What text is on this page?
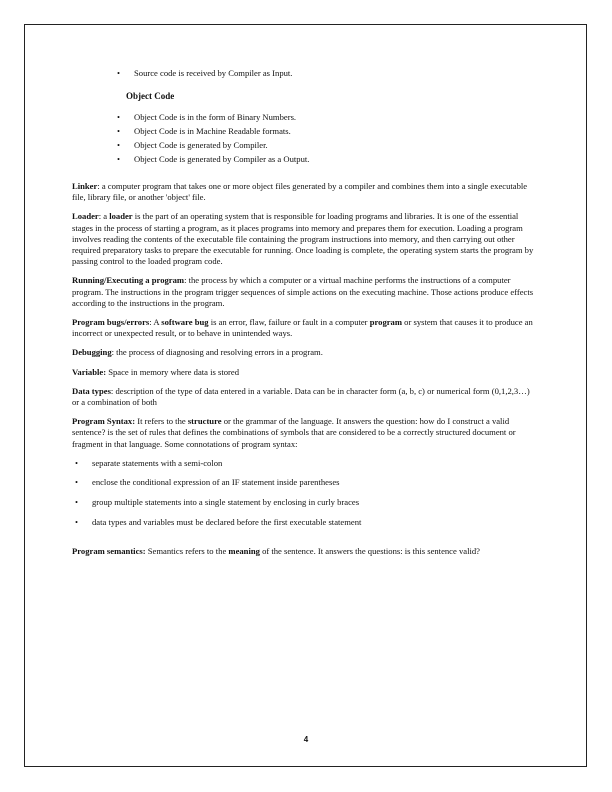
• Source code is received by Compiler as Input.
Object Code
• Object Code is in the form of Binary Numbers.
• Object Code is in Machine Readable formats.
• Object Code is generated by Compiler.
• Object Code is generated by Compiler as a Output.

Linker: a computer program that takes one or more object files generated by a compiler and combines them into a single executable file, library file, or another 'object' file.

Loader: a loader is the part of an operating system that is responsible for loading programs and libraries. It is one of the essential stages in the process of starting a program, as it places programs into memory and prepares them for execution. Loading a program involves reading the contents of the executable file containing the program instructions into memory, and then carrying out other required preparatory tasks to prepare the executable for running. Once loading is complete, the operating system starts the program by passing control to the loaded program code.

Running/Executing a program: the process by which a computer or a virtual machine performs the instructions of a computer program. The instructions in the program trigger sequences of simple actions on the executing machine. Those actions produce effects according to the instructions in the program.

Program bugs/errors: A software bug is an error, flaw, failure or fault in a computer program or system that causes it to produce an incorrect or unexpected result, or to behave in unintended ways.

Debugging: the process of diagnosing and resolving errors in a program.

Variable: Space in memory where data is stored

Data types: description of the type of data entered in a variable. Data can be in character form (a, b, c) or numerical form (0,1,2,3…) or a combination of both

Program Syntax: It refers to the structure or the grammar of the language. It answers the question: how do I construct a valid sentence? is the set of rules that defines the combinations of symbols that are considered to be a correctly structured document or fragment in that language. Some connotations of program syntax:

• separate statements with a semi-colon
• enclose the conditional expression of an IF statement inside parentheses
• group multiple statements into a single statement by enclosing in curly braces
• data types and variables must be declared before the first executable statement

Program semantics: Semantics refers to the meaning of the sentence. It answers the questions: is this sentence valid?

4
